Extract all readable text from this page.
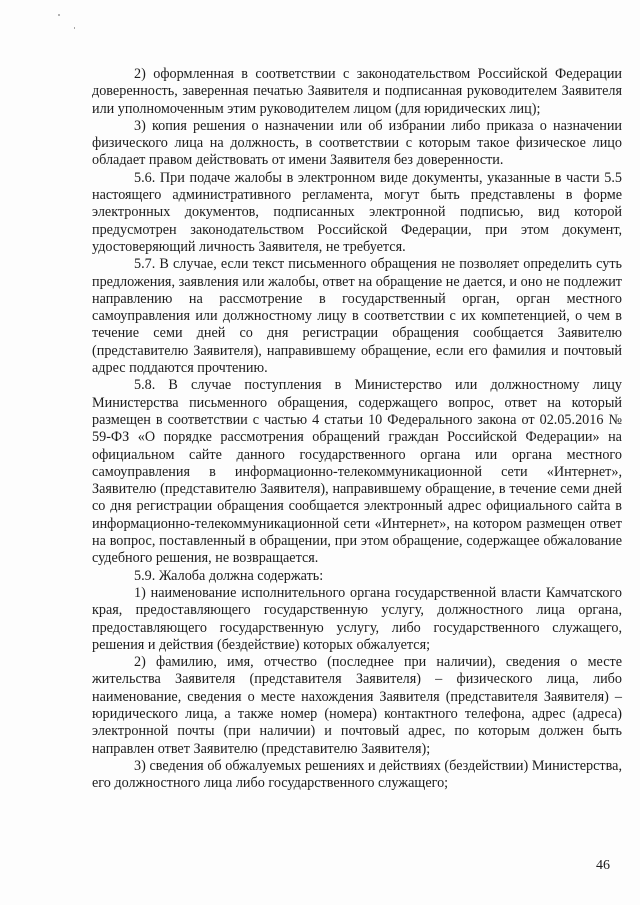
2) оформленная в соответствии с законодательством Российской Федерации доверенность, заверенная печатью Заявителя и подписанная руководителем Заявителя или уполномоченным этим руководителем лицом (для юридических лиц);

3) копия решения о назначении или об избрании либо приказа о назначении физического лица на должность, в соответствии с которым такое физическое лицо обладает правом действовать от имени Заявителя без доверенности.

5.6. При подаче жалобы в электронном виде документы, указанные в части 5.5 настоящего административного регламента, могут быть представлены в форме электронных документов, подписанных электронной подписью, вид которой предусмотрен законодательством Российской Федерации, при этом документ, удостоверяющий личность Заявителя, не требуется.

5.7. В случае, если текст письменного обращения не позволяет определить суть предложения, заявления или жалобы, ответ на обращение не дается, и оно не подлежит направлению на рассмотрение в государственный орган, орган местного самоуправления или должностному лицу в соответствии с их компетенцией, о чем в течение семи дней со дня регистрации обращения сообщается Заявителю (представителю Заявителя), направившему обращение, если его фамилия и почтовый адрес поддаются прочтению.

5.8. В случае поступления в Министерство или должностному лицу Министерства письменного обращения, содержащего вопрос, ответ на который размещен в соответствии с частью 4 статьи 10 Федерального закона от 02.05.2016 № 59-ФЗ «О порядке рассмотрения обращений граждан Российской Федерации» на официальном сайте данного государственного органа или органа местного самоуправления в информационно-телекоммуникационной сети «Интернет», Заявителю (представителю Заявителя), направившему обращение, в течение семи дней со дня регистрации обращения сообщается электронный адрес официального сайта в информационно-телекоммуникационной сети «Интернет», на котором размещен ответ на вопрос, поставленный в обращении, при этом обращение, содержащее обжалование судебного решения, не возвращается.

5.9. Жалоба должна содержать:

1) наименование исполнительного органа государственной власти Камчатского края, предоставляющего государственную услугу, должностного лица органа, предоставляющего государственную услугу, либо государственного служащего, решения и действия (бездействие) которых обжалуется;

2) фамилию, имя, отчество (последнее при наличии), сведения о месте жительства Заявителя (представителя Заявителя) – физического лица, либо наименование, сведения о месте нахождения Заявителя (представителя Заявителя) – юридического лица, а также номер (номера) контактного телефона, адрес (адреса) электронной почты (при наличии) и почтовый адрес, по которым должен быть направлен ответ Заявителю (представителю Заявителя);

3) сведения об обжалуемых решениях и действиях (бездействии) Министерства, его должностного лица либо государственного служащего;

46
